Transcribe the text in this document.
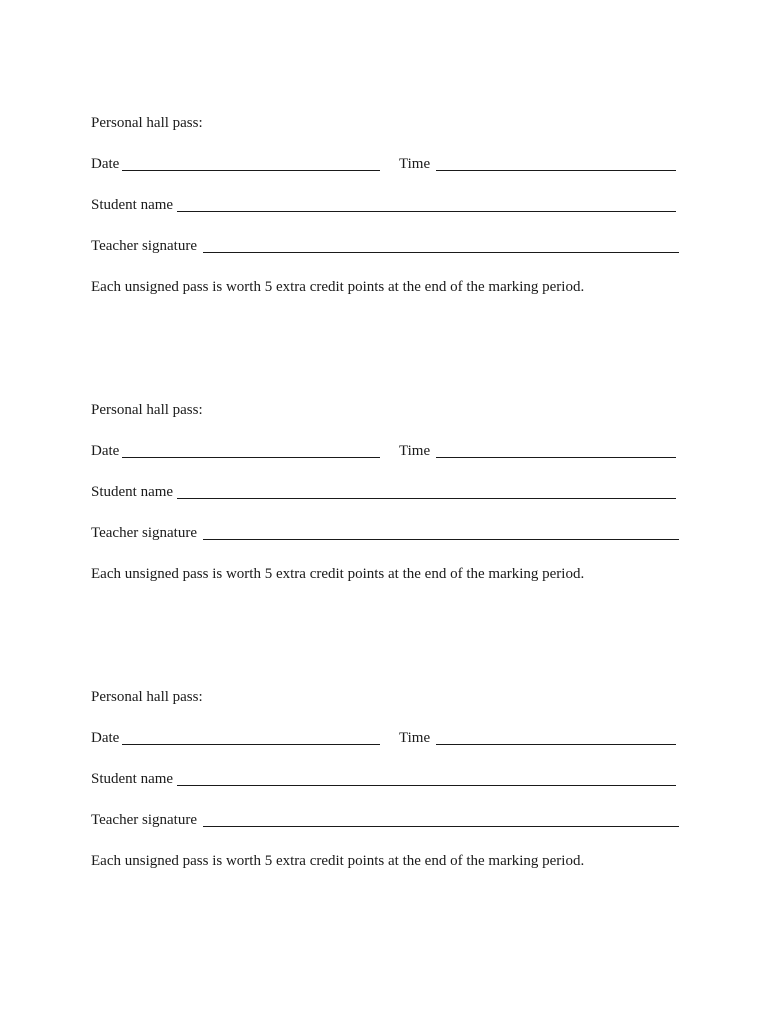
Personal hall pass:
Date	Time
Student name
Teacher signature
Each unsigned pass is worth 5 extra credit points at the end of the marking period.
Personal hall pass:
Date	Time
Student name
Teacher signature
Each unsigned pass is worth 5 extra credit points at the end of the marking period.
Personal hall pass:
Date	Time
Student name
Teacher signature
Each unsigned pass is worth 5 extra credit points at the end of the marking period.
